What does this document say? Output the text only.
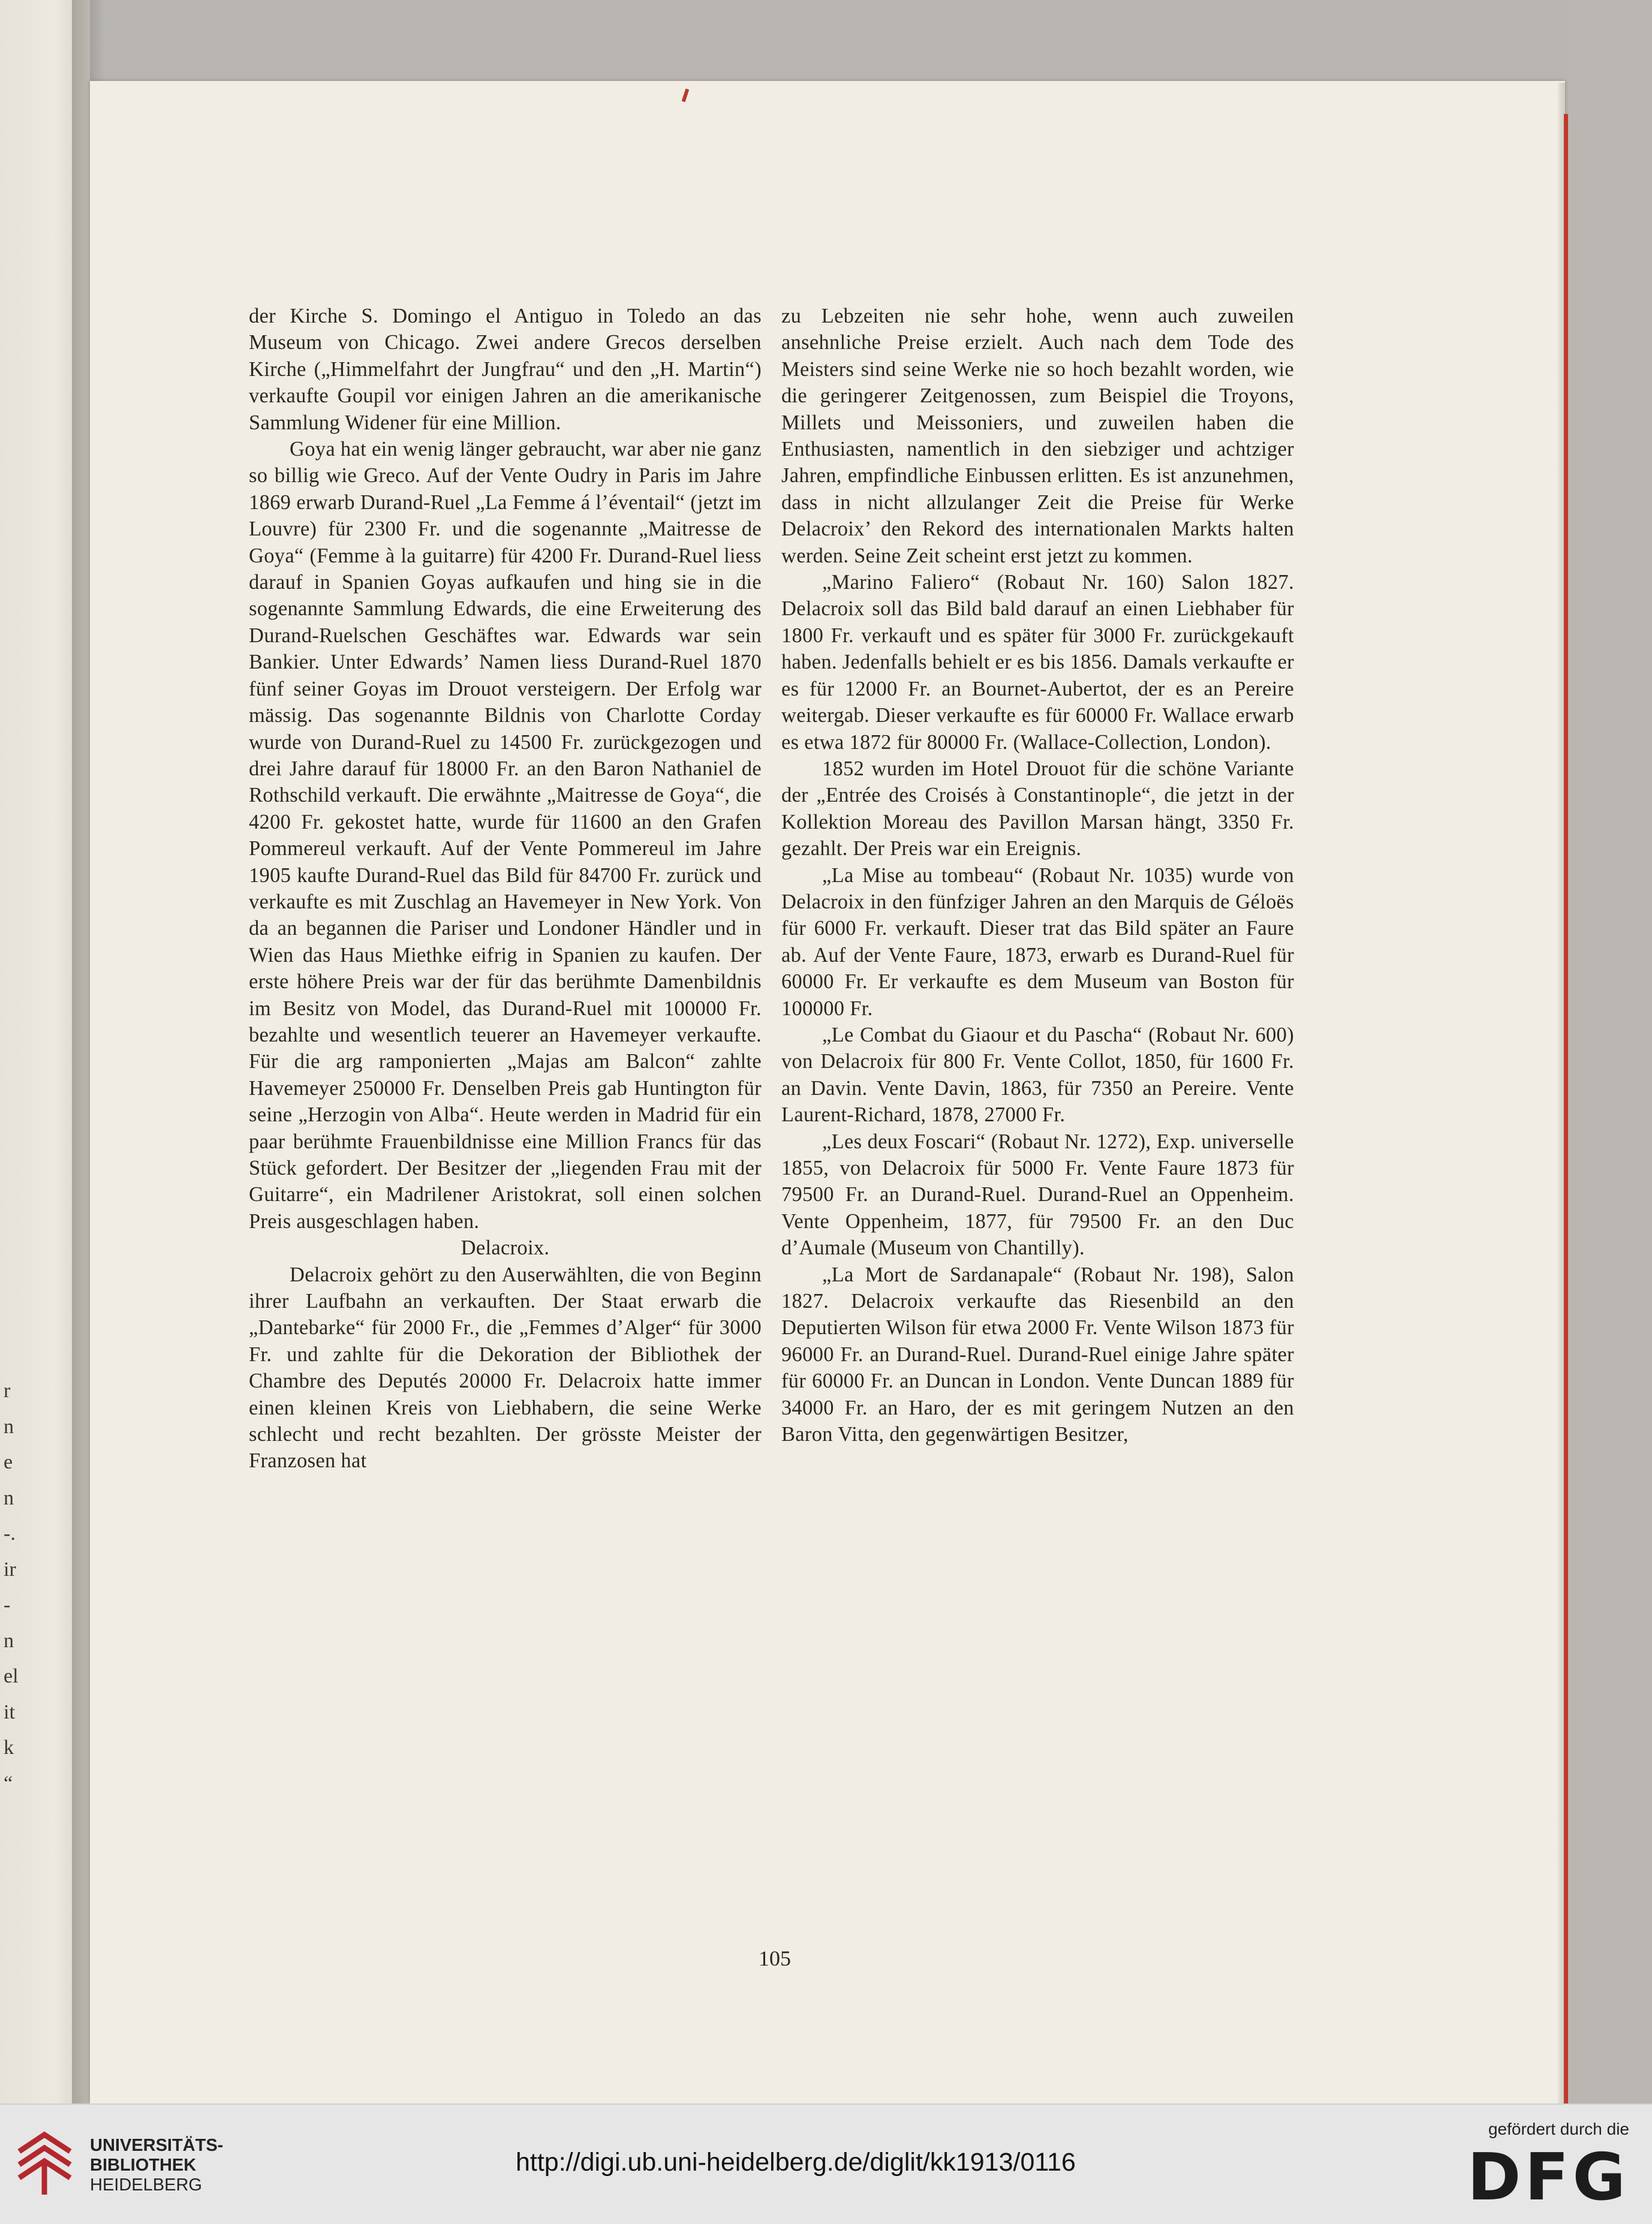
r
n
e
n
-.
ir
-
n
el
it
k
“

der Kirche S. Domingo el Antiguo in Toledo an das Museum von Chicago. Zwei andere Grecos derselben Kirche („Himmelfahrt der Jungfrau“ und den „H. Martin“) verkaufte Goupil vor einigen Jahren an die amerikanische Sammlung Widener für eine Million.

Goya hat ein wenig länger gebraucht, war aber nie ganz so billig wie Greco. Auf der Vente Oudry in Paris im Jahre 1869 erwarb Durand-Ruel „La Femme á l’éventail“ (jetzt im Louvre) für 2300 Fr. und die sogenannte „Maitresse de Goya“ (Femme à la guitarre) für 4200 Fr. Durand-Ruel liess darauf in Spanien Goyas aufkaufen und hing sie in die sogenannte Sammlung Edwards, die eine Erweiterung des Durand-Ruelschen Geschäftes war. Edwards war sein Bankier. Unter Edwards’ Namen liess Durand-Ruel 1870 fünf seiner Goyas im Drouot versteigern. Der Erfolg war mässig. Das sogenannte Bildnis von Charlotte Corday wurde von Durand-Ruel zu 14500 Fr. zurückgezogen und drei Jahre darauf für 18000 Fr. an den Baron Nathaniel de Rothschild verkauft. Die erwähnte „Maitresse de Goya“, die 4200 Fr. gekostet hatte, wurde für 11600 an den Grafen Pommereul verkauft. Auf der Vente Pommereul im Jahre 1905 kaufte Durand-Ruel das Bild für 84700 Fr. zurück und verkaufte es mit Zuschlag an Havemeyer in New York. Von da an begannen die Pariser und Londoner Händler und in Wien das Haus Miethke eifrig in Spanien zu kaufen. Der erste höhere Preis war der für das berühmte Damenbildnis im Besitz von Model, das Durand-Ruel mit 100000 Fr. bezahlte und wesentlich teuerer an Havemeyer verkaufte. Für die arg ramponierten „Majas am Balcon“ zahlte Havemeyer 250000 Fr. Denselben Preis gab Huntington für seine „Herzogin von Alba“. Heute werden in Madrid für ein paar berühmte Frauenbildnisse eine Million Francs für das Stück gefordert. Der Besitzer der „liegenden Frau mit der Guitarre“, ein Madrilener Aristokrat, soll einen solchen Preis ausgeschlagen haben.

Delacroix.

Delacroix gehört zu den Auserwählten, die von Beginn ihrer Laufbahn an verkauften. Der Staat erwarb die „Dantebarke“ für 2000 Fr., die „Femmes d’Alger“ für 3000 Fr. und zahlte für die Dekoration der Bibliothek der Chambre des Deputés 20000 Fr. Delacroix hatte immer einen kleinen Kreis von Liebhabern, die seine Werke schlecht und recht bezahlten. Der grösste Meister der Franzosen hat

zu Lebzeiten nie sehr hohe, wenn auch zuweilen ansehnliche Preise erzielt. Auch nach dem Tode des Meisters sind seine Werke nie so hoch bezahlt worden, wie die geringerer Zeitgenossen, zum Beispiel die Troyons, Millets und Meissoniers, und zuweilen haben die Enthusiasten, namentlich in den siebziger und achtziger Jahren, empfindliche Einbussen erlitten. Es ist anzunehmen, dass in nicht allzulanger Zeit die Preise für Werke Delacroix’ den Rekord des internationalen Markts halten werden. Seine Zeit scheint erst jetzt zu kommen.

„Marino Faliero“ (Robaut Nr. 160) Salon 1827. Delacroix soll das Bild bald darauf an einen Liebhaber für 1800 Fr. verkauft und es später für 3000 Fr. zurückgekauft haben. Jedenfalls behielt er es bis 1856. Damals verkaufte er es für 12000 Fr. an Bournet-Aubertot, der es an Pereire weitergab. Dieser verkaufte es für 60000 Fr. Wallace erwarb es etwa 1872 für 80000 Fr. (Wallace-Collection, London).

1852 wurden im Hotel Drouot für die schöne Variante der „Entrée des Croisés à Constantinople“, die jetzt in der Kollektion Moreau des Pavillon Marsan hängt, 3350 Fr. gezahlt. Der Preis war ein Ereignis.

„La Mise au tombeau“ (Robaut Nr. 1035) wurde von Delacroix in den fünfziger Jahren an den Marquis de Géloës für 6000 Fr. verkauft. Dieser trat das Bild später an Faure ab. Auf der Vente Faure, 1873, erwarb es Durand-Ruel für 60000 Fr. Er verkaufte es dem Museum van Boston für 100000 Fr.

„Le Combat du Giaour et du Pascha“ (Robaut Nr. 600) von Delacroix für 800 Fr. Vente Collot, 1850, für 1600 Fr. an Davin. Vente Davin, 1863, für 7350 an Pereire. Vente Laurent-Richard, 1878, 27000 Fr.

„Les deux Foscari“ (Robaut Nr. 1272), Exp. universelle 1855, von Delacroix für 5000 Fr. Vente Faure 1873 für 79500 Fr. an Durand-Ruel. Durand-Ruel an Oppenheim. Vente Oppenheim, 1877, für 79500 Fr. an den Duc d’Aumale (Museum von Chantilly).

„La Mort de Sardanapale“ (Robaut Nr. 198), Salon 1827. Delacroix verkaufte das Riesenbild an den Deputierten Wilson für etwa 2000 Fr. Vente Wilson 1873 für 96000 Fr. an Durand-Ruel. Durand-Ruel einige Jahre später für 60000 Fr. an Duncan in London. Vente Duncan 1889 für 34000 Fr. an Haro, der es mit geringem Nutzen an den Baron Vitta, den gegenwärtigen Besitzer,

105
UNIVERSITÄTS-
BIBLIOTHEK
HEIDELBERG
http://digi.ub.uni-heidelberg.de/diglit/kk1913/0116
gefördert durch die
DFG
